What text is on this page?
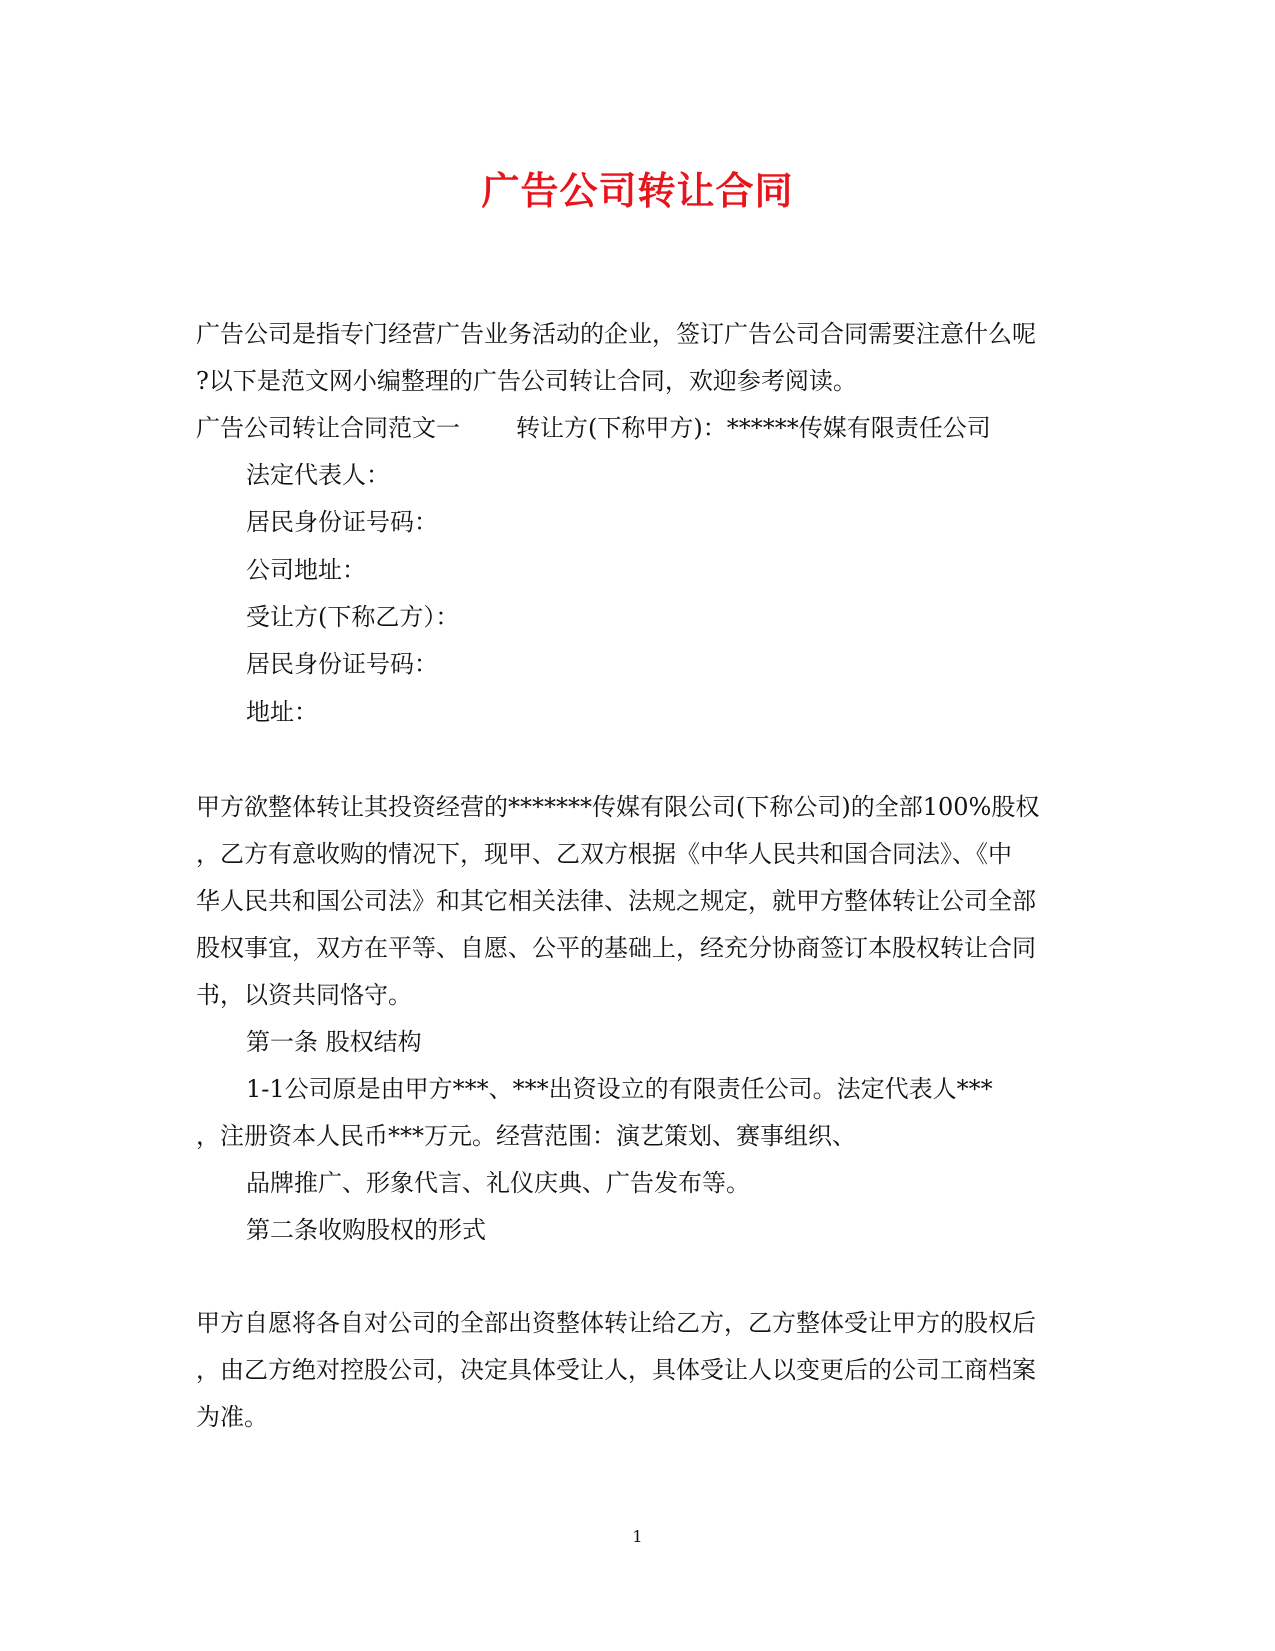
广告公司转让合同
广告公司是指专门经营广告业务活动的企业，签订广告公司合同需要注意什么呢
?以下是范文网小编整理的广告公司转让合同，欢迎参考阅读。
广告公司转让合同范文一 转让方(下称甲方)：******传媒有限责任公司
法定代表人：
居民身份证号码：
公司地址：
受让方(下称乙方）：
居民身份证号码：
地址：
甲方欲整体转让其投资经营的*******传媒有限公司(下称公司)的全部100%股权
，乙方有意收购的情况下，现甲、乙双方根据《中华人民共和国合同法》、《中
华人民共和国公司法》和其它相关法律、法规之规定，就甲方整体转让公司全部
股权事宜，双方在平等、自愿、公平的基础上，经充分协商签订本股权转让合同
书，以资共同恪守。
第一条 股权结构
1-1公司原是由甲方***、***出资设立的有限责任公司。法定代表人***
，注册资本人民币***万元。经营范围：演艺策划、赛事组织、
品牌推广、形象代言、礼仪庆典、广告发布等。
第二条收购股权的形式
甲方自愿将各自对公司的全部出资整体转让给乙方，乙方整体受让甲方的股权后
，由乙方绝对控股公司，决定具体受让人，具体受让人以变更后的公司工商档案
为准。
1
